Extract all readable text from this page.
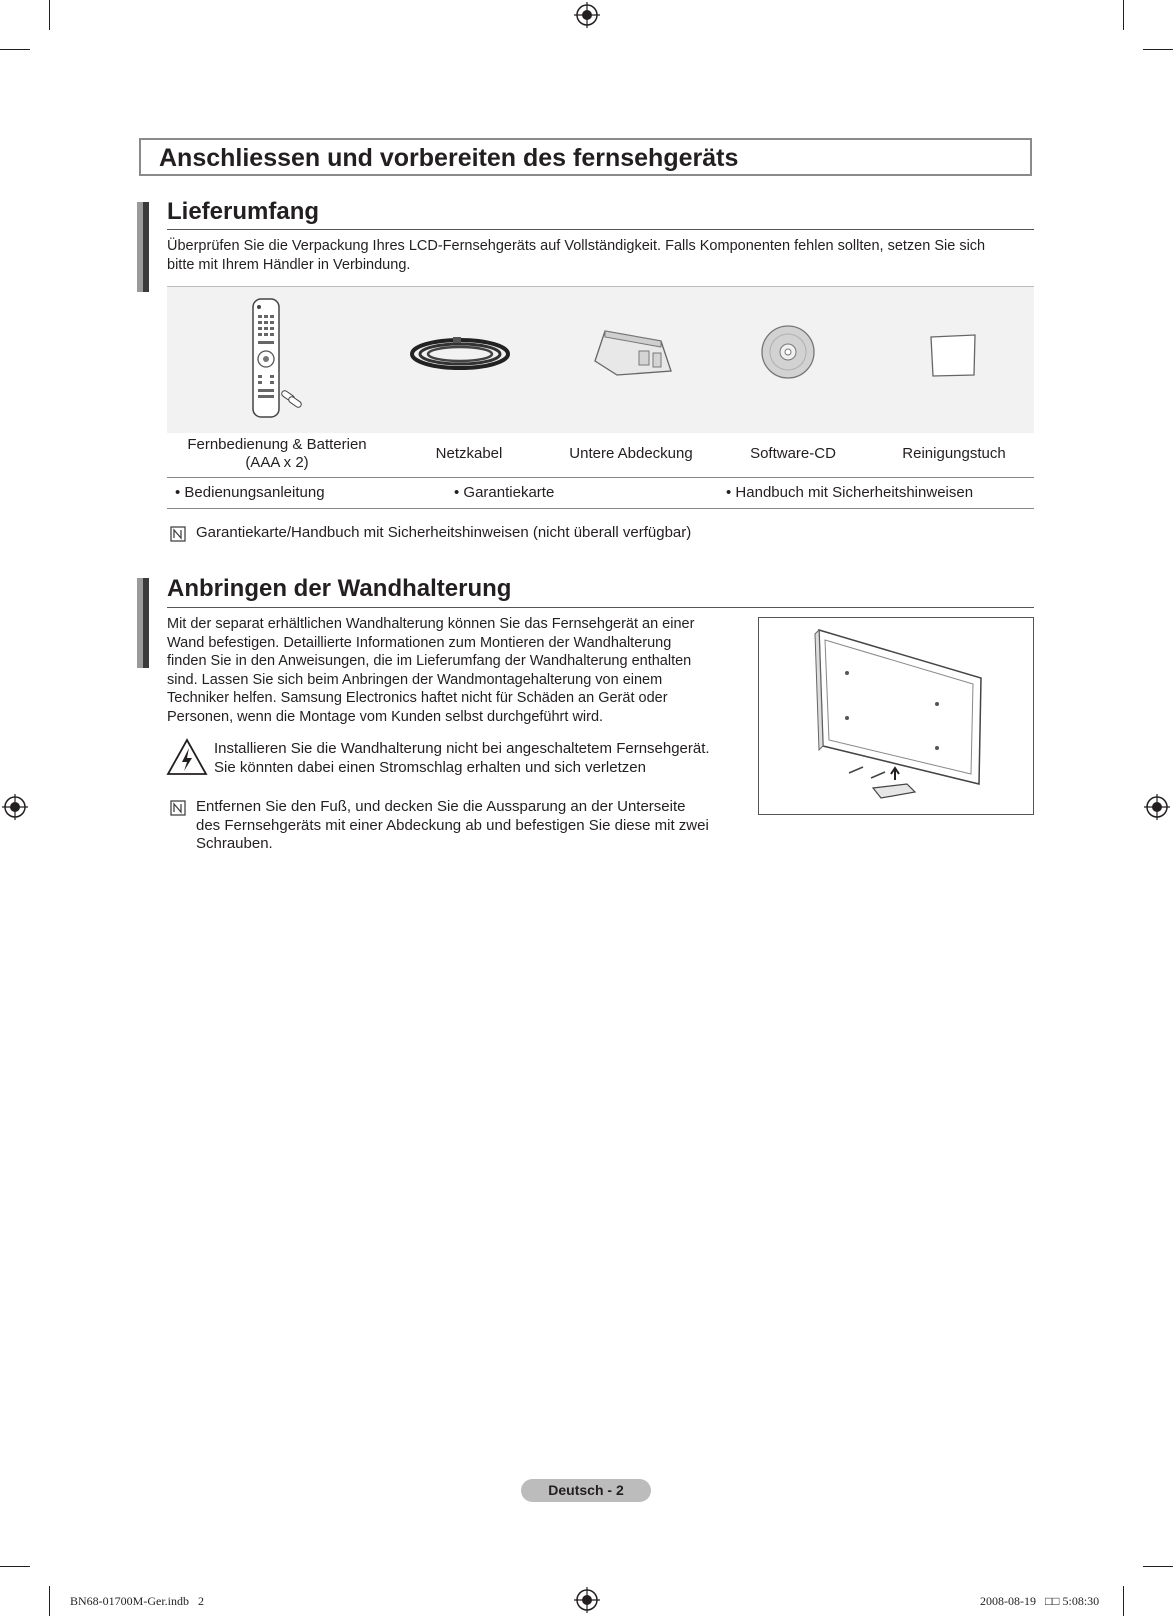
Anschliessen und vorbereiten des fernsehgeräts
Lieferumfang
Überprüfen Sie die Verpackung Ihres LCD-Fernsehgeräts auf Vollständigkeit. Falls Komponenten fehlen sollten, setzen Sie sich
bitte mit Ihrem Händler in Verbindung.
Fernbedienung & Batterien
(AAA x 2)
Netzkabel	Untere Abdeckung	Software-CD	Reinigungstuch
• Bedienungsanleitung	• Garantiekarte	• Handbuch mit Sicherheitshinweisen
Garantiekarte/Handbuch mit Sicherheitshinweisen (nicht überall verfügbar)
Anbringen der Wandhalterung
Mit der separat erhältlichen Wandhalterung können Sie das Fernsehgerät an einer
Wand befestigen. Detaillierte Informationen zum Montieren der Wandhalterung
finden Sie in den Anweisungen, die im Lieferumfang der Wandhalterung enthalten
sind. Lassen Sie sich beim Anbringen der Wandmontagehalterung von einem
Techniker helfen. Samsung Electronics haftet nicht für Schäden an Gerät oder
Personen, wenn die Montage vom Kunden selbst durchgeführt wird.
Installieren Sie die Wandhalterung nicht bei angeschaltetem Fernsehgerät.
Sie könnten dabei einen Stromschlag erhalten und sich verletzen
Entfernen Sie den Fuß, und decken Sie die Aussparung an der Unterseite
des Fernsehgeräts mit einer Abdeckung ab und befestigen Sie diese mit zwei
Schrauben.
Deutsch - 2
BN68-01700M-Ger.indb   2	2008-08-19   □□ 5:08:30
